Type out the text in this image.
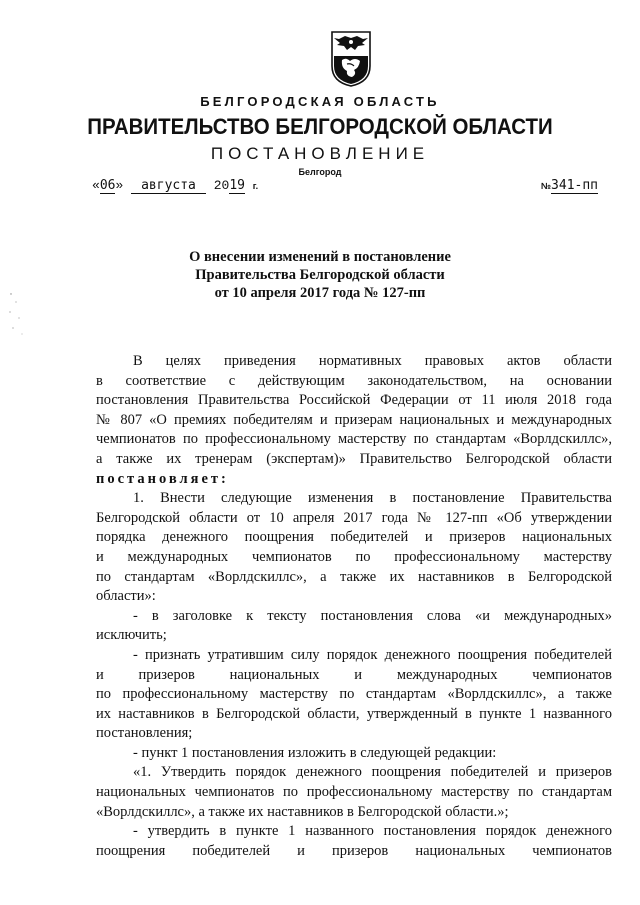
БЕЛГОРОДСКАЯ ОБЛАСТЬ
ПРАВИТЕЛЬСТВО БЕЛГОРОДСКОЙ ОБЛАСТИ
ПОСТАНОВЛЕНИЕ
Белгород
«06» августа 2019 г.	№341-пп
О внесении изменений в постановление
Правительства Белгородской области
от 10 апреля 2017 года № 127-пп
В целях приведения нормативных правовых актов области
в соответствие с действующим законодательством, на основании
постановления Правительства Российской Федерации от 11 июля 2018 года
№ 807 «О премиях победителям и призерам национальных и международных
чемпионатов по профессиональному мастерству по стандартам «Ворлдскиллс»,
а также их тренерам (экспертам)» Правительство Белгородской области
постановляет:
1. Внести следующие изменения в постановление Правительства
Белгородской области от 10 апреля 2017 года № 127-пп «Об утверждении
порядка денежного поощрения победителей и призеров национальных
и международных чемпионатов по профессиональному мастерству
по стандартам «Ворлдскиллс», а также их наставников в Белгородской
области»:
- в заголовке к тексту постановления слова «и международных»
исключить;
- признать утратившим силу порядок денежного поощрения победителей
и призеров национальных и международных чемпионатов
по профессиональному мастерству по стандартам «Ворлдскиллс», а также
их наставников в Белгородской области, утвержденный в пункте 1 названного
постановления;
- пункт 1 постановления изложить в следующей редакции:
«1. Утвердить порядок денежного поощрения победителей и призеров
национальных чемпионатов по профессиональному мастерству по стандартам
«Ворлдскиллс», а также их наставников в Белгородской области.»;
- утвердить в пункте 1 названного постановления порядок денежного
поощрения победителей и призеров национальных чемпионатов
